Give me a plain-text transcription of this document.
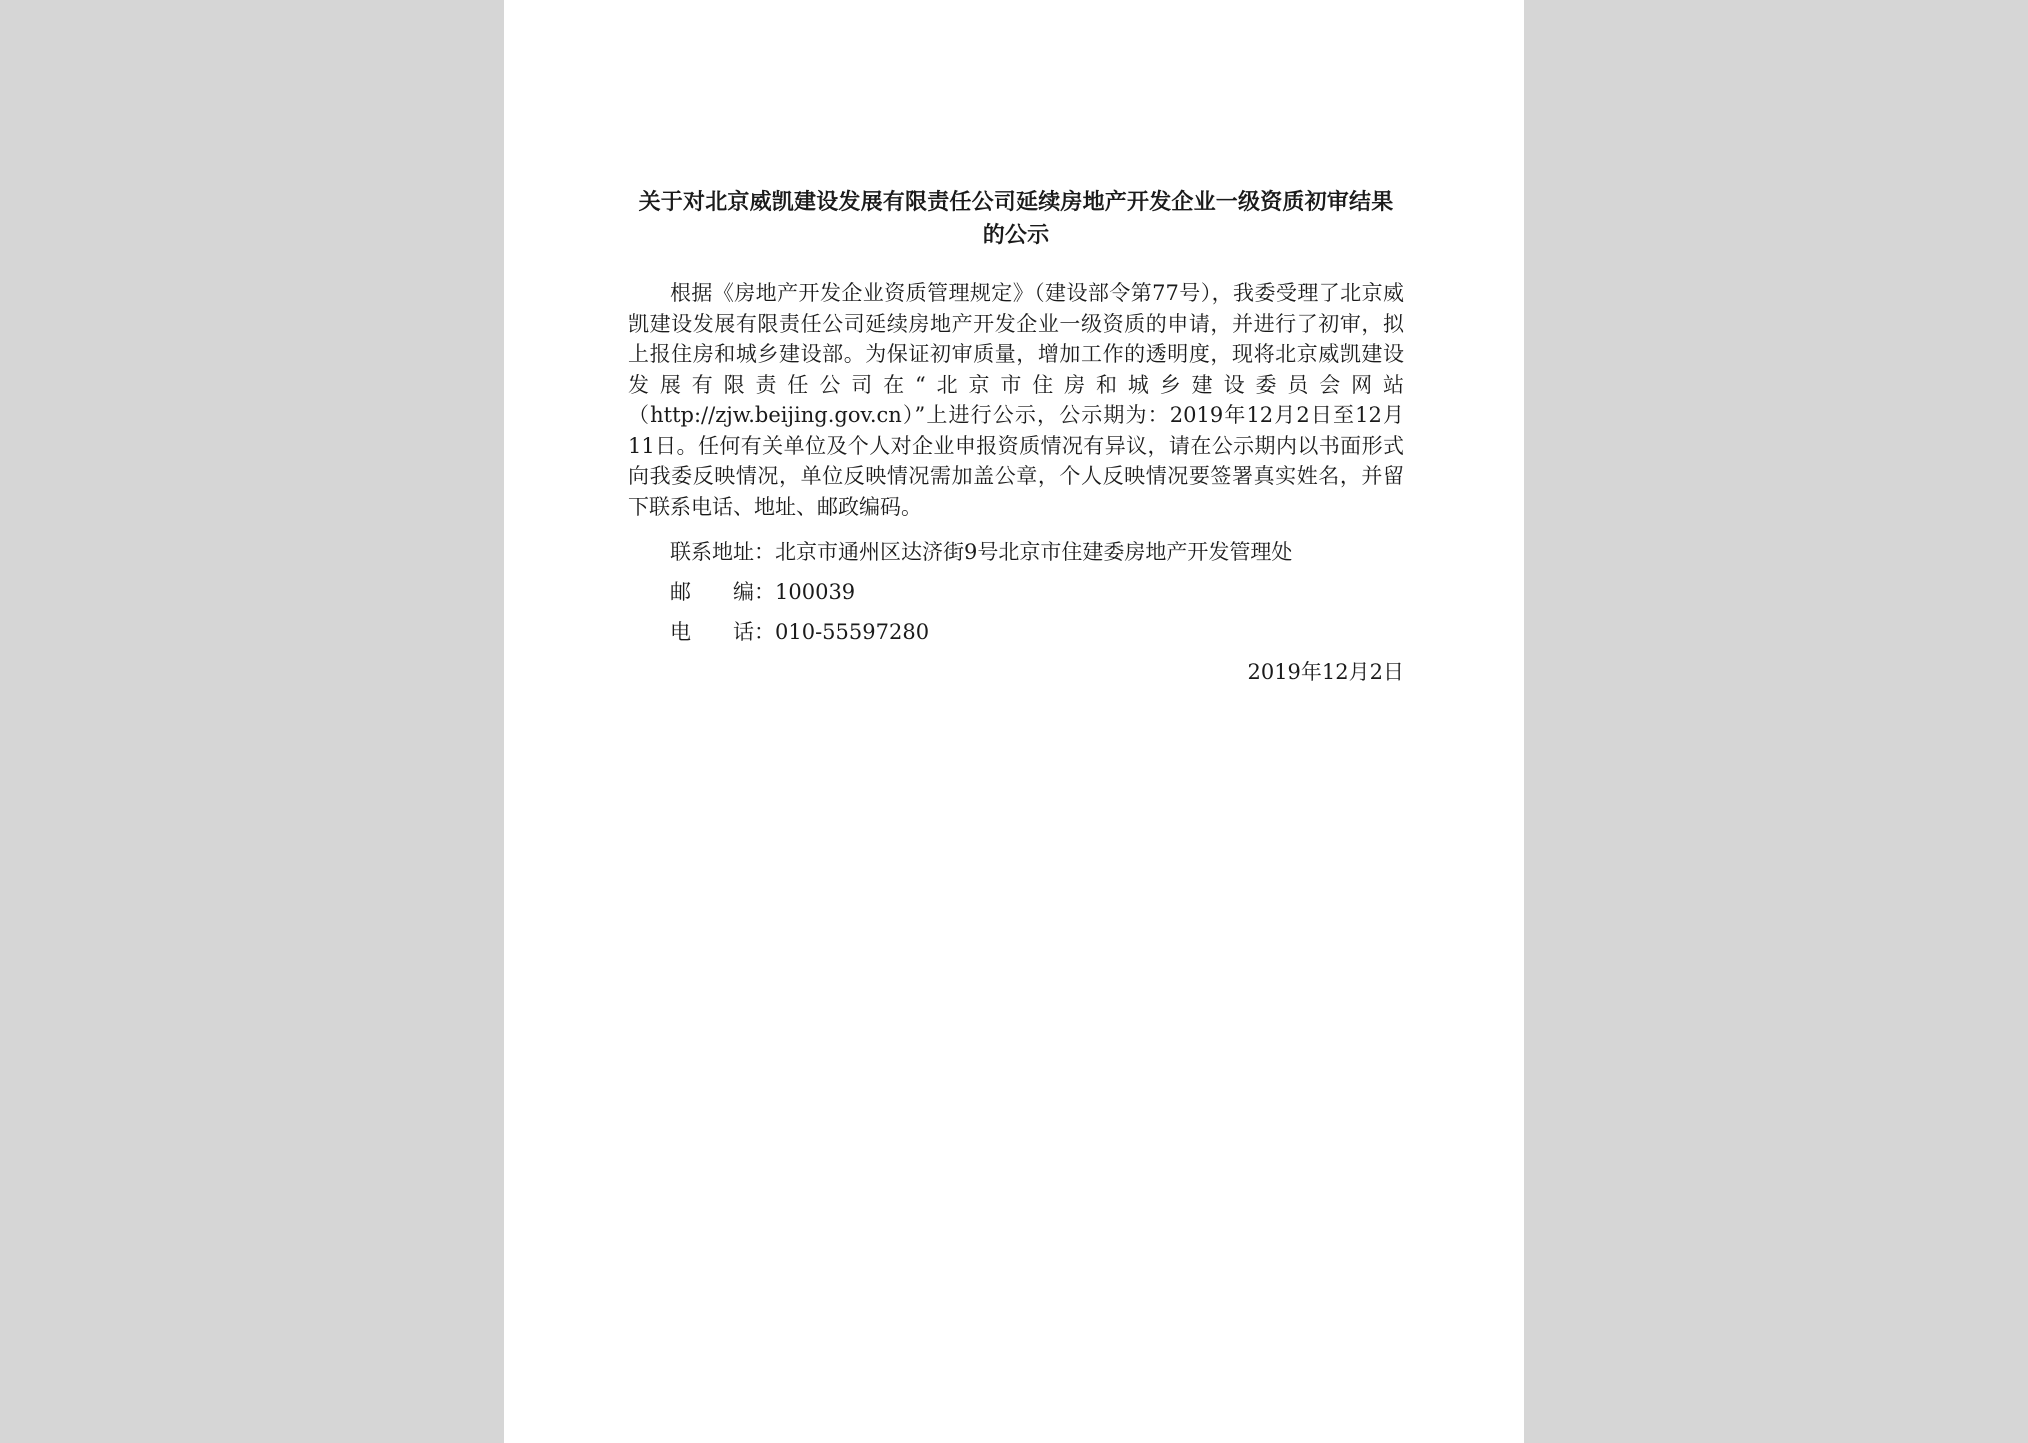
关于对北京威凯建设发展有限责任公司延续房地产开发企业一级资质初审结果的公示

根据《房地产开发企业资质管理规定》（建设部令第77号），我委受理了北京威凯建设发展有限责任公司延续房地产开发企业一级资质的申请，并进行了初审，拟上报住房和城乡建设部。为保证初审质量，增加工作的透明度，现将北京威凯建设发展有限责任公司在“北京市住房和城乡建设委员会网站（http://zjw.beijing.gov.cn）”上进行公示，公示期为：2019年12月2日至12月11日。任何有关单位及个人对企业申报资质情况有异议，请在公示期内以书面形式向我委反映情况，单位反映情况需加盖公章，个人反映情况要签署真实姓名，并留下联系电话、地址、邮政编码。

联系地址：北京市通州区达济街9号北京市住建委房地产开发管理处
邮　　编：100039
电　　话：010-55597280
2019年12月2日
